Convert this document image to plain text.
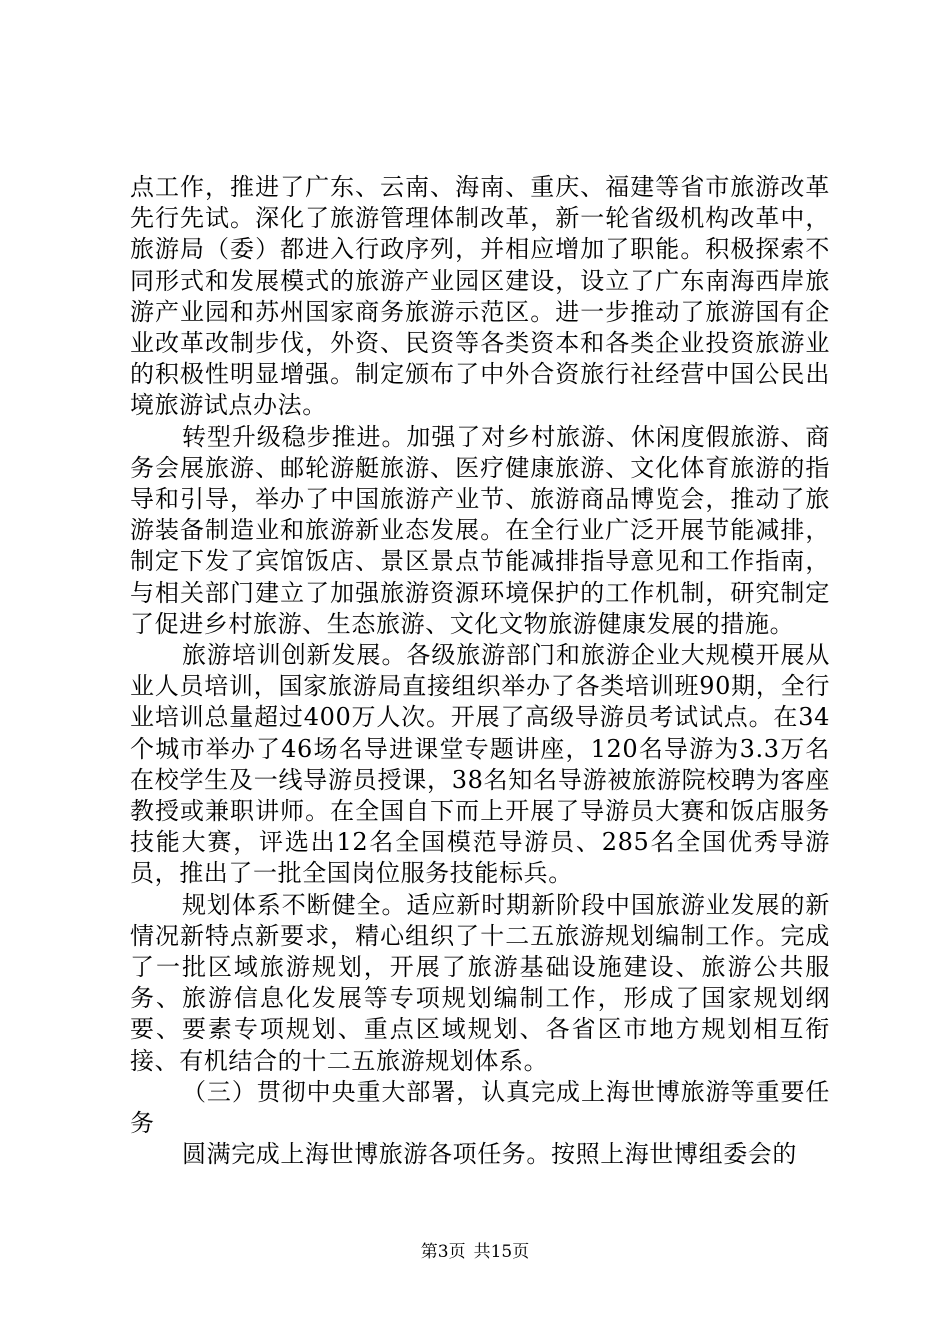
点工作，推进了广东、云南、海南、重庆、福建等省市旅游改革先行先试。深化了旅游管理体制改革，新一轮省级机构改革中，旅游局（委）都进入行政序列，并相应增加了职能。积极探索不同形式和发展模式的旅游产业园区建设，设立了广东南海西岸旅游产业园和苏州国家商务旅游示范区。进一步推动了旅游国有企业改革改制步伐，外资、民资等各类资本和各类企业投资旅游业的积极性明显增强。制定颁布了中外合资旅行社经营中国公民出境旅游试点办法。

转型升级稳步推进。加强了对乡村旅游、休闲度假旅游、商务会展旅游、邮轮游艇旅游、医疗健康旅游、文化体育旅游的指导和引导，举办了中国旅游产业节、旅游商品博览会，推动了旅游装备制造业和旅游新业态发展。在全行业广泛开展节能减排，制定下发了宾馆饭店、景区景点节能减排指导意见和工作指南，与相关部门建立了加强旅游资源环境保护的工作机制，研究制定了促进乡村旅游、生态旅游、文化文物旅游健康发展的措施。

旅游培训创新发展。各级旅游部门和旅游企业大规模开展从业人员培训，国家旅游局直接组织举办了各类培训班90期，全行业培训总量超过400万人次。开展了高级导游员考试试点。在34个城市举办了46场名导进课堂专题讲座，120名导游为3.3万名在校学生及一线导游员授课，38名知名导游被旅游院校聘为客座教授或兼职讲师。在全国自下而上开展了导游员大赛和饭店服务技能大赛，评选出12名全国模范导游员、285名全国优秀导游员，推出了一批全国岗位服务技能标兵。

规划体系不断健全。适应新时期新阶段中国旅游业发展的新情况新特点新要求，精心组织了十二五旅游规划编制工作。完成了一批区域旅游规划，开展了旅游基础设施建设、旅游公共服务、旅游信息化发展等专项规划编制工作，形成了国家规划纲要、要素专项规划、重点区域规划、各省区市地方规划相互衔接、有机结合的十二五旅游规划体系。

（三）贯彻中央重大部署，认真完成上海世博旅游等重要任务

圆满完成上海世博旅游各项任务。按照上海世博组委会的

第3页 共15页
